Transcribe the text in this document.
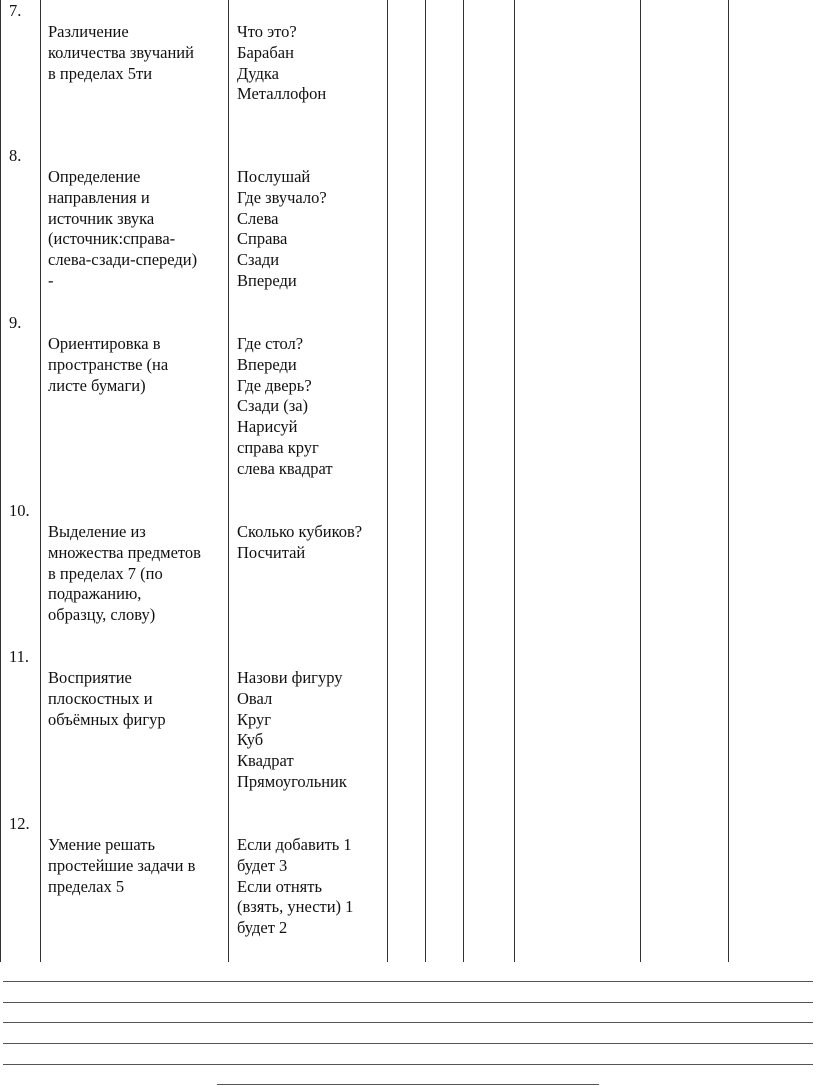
7.
Различение
количества звучаний
в пределах 5ти
Что это?
Барабан
Дудка
Металлофон
8.
Определение
направления и
источник звука
(источник:справа-
слева-сзади-спереди)
-
Послушай
Где звучало?
Слева
Справа
Сзади
Впереди
9.
Ориентировка в
пространстве (на
листе бумаги)
Где стол?
Впереди
Где дверь?
Сзади (за)
Нарисуй
справа круг
слева квадрат
10.
Выделение из
множества предметов
в пределах 7 (по
подражанию,
образцу, слову)
Сколько кубиков?
Посчитай
11.
Восприятие
плоскостных и
объёмных фигур
Назови фигуру
Овал
Круг
Куб
Квадрат
Прямоугольник
12.
Умение решать
простейшие задачи в
пределах 5
Если добавить 1
будет 3
Если отнять
(взять, унести) 1
будет 2
